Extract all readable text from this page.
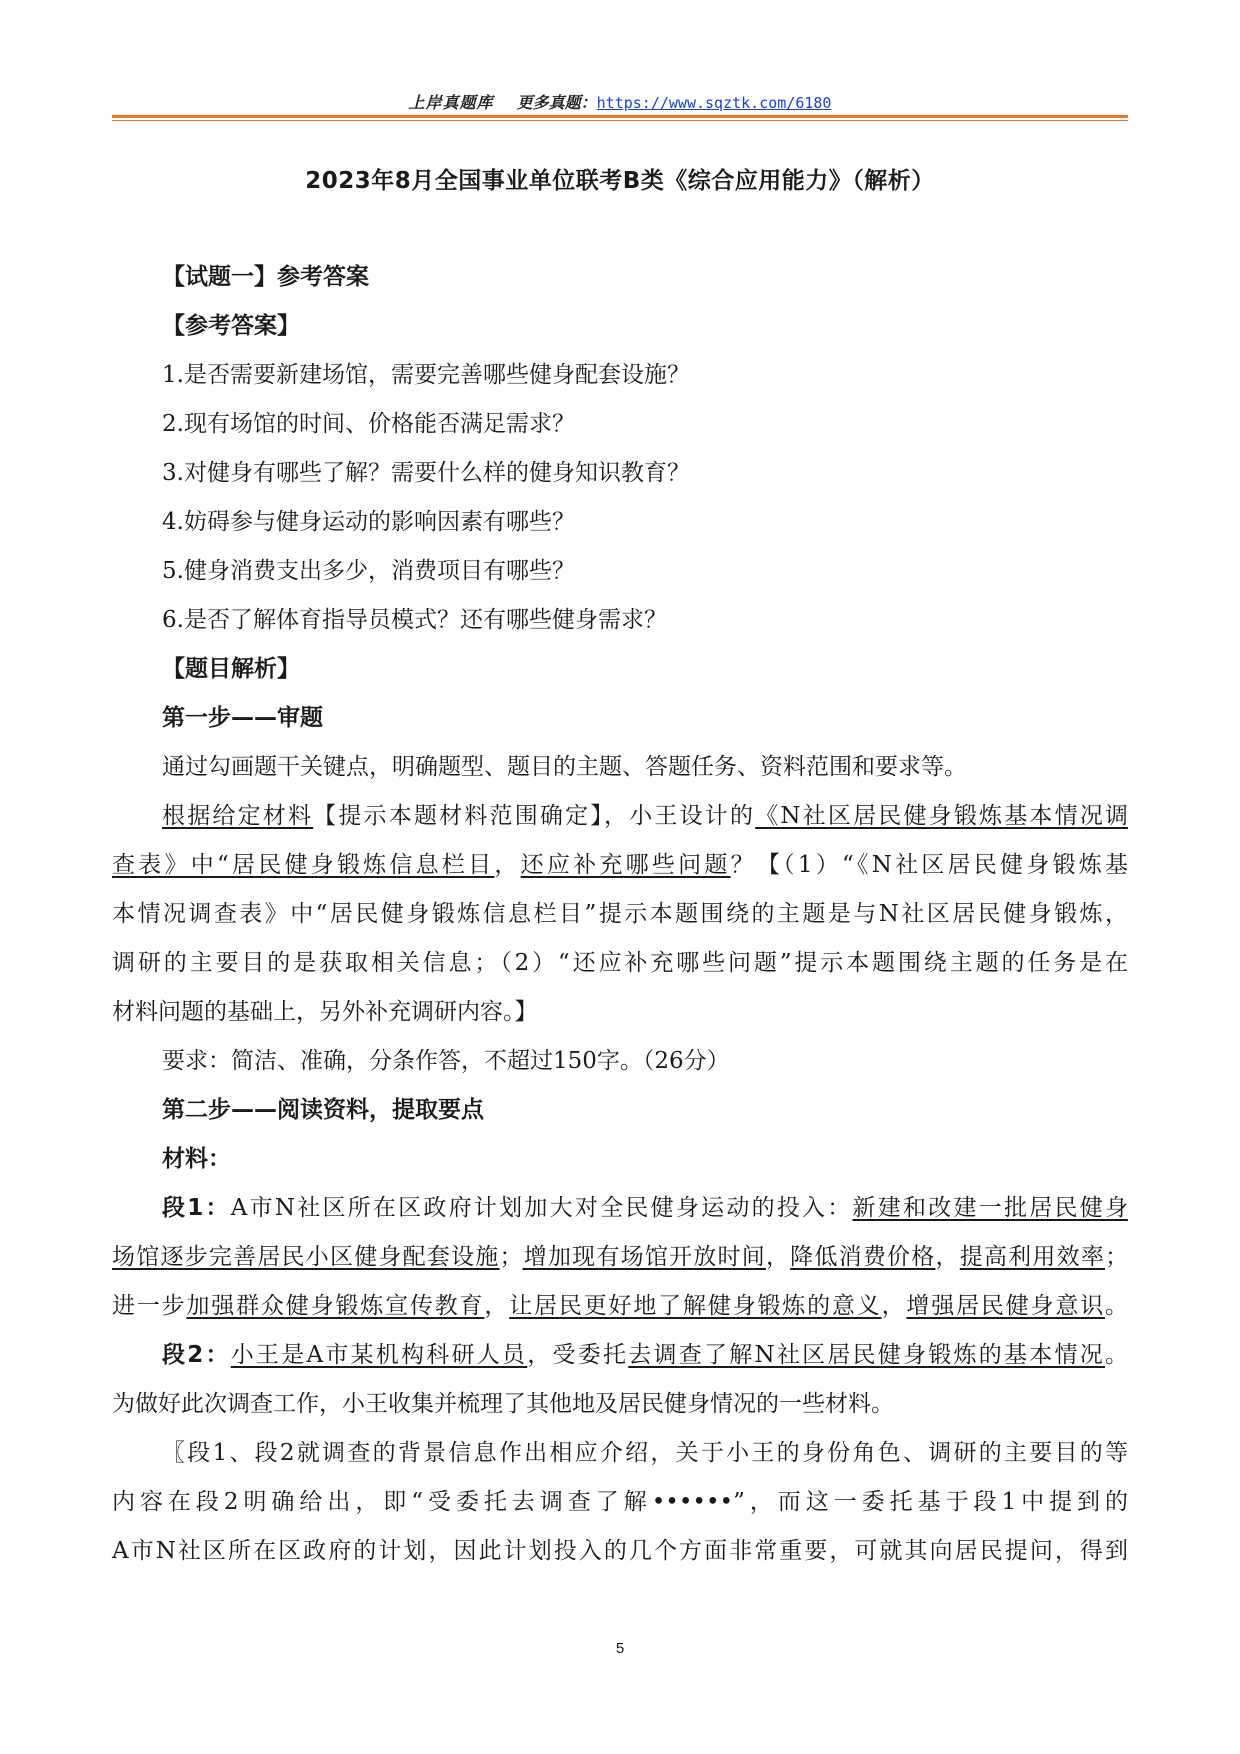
上岸真题库 更多真题：https://www.sqztk.com/6180
2023年8月全国事业单位联考B类《综合应用能力》（解析）
【试题一】参考答案
【参考答案】
1.是否需要新建场馆，需要完善哪些健身配套设施？
2.现有场馆的时间、价格能否满足需求？
3.对健身有哪些了解？需要什么样的健身知识教育？
4.妨碍参与健身运动的影响因素有哪些？
5.健身消费支出多少，消费项目有哪些？
6.是否了解体育指导员模式？还有哪些健身需求？
【题目解析】
第一步——审题
通过勾画题干关键点，明确题型、题目的主题、答题任务、资料范围和要求等。
根据给定材料【提示本题材料范围确定】，小王设计的《N社区居民健身锻炼基本情况调
查表》中“居民健身锻炼信息栏目，还应补充哪些问题？【（1）“《N社区居民健身锻炼基
本情况调查表》中“居民健身锻炼信息栏目”提示本题围绕的主题是与N社区居民健身锻炼，
调研的主要目的是获取相关信息；（2）“还应补充哪些问题”提示本题围绕主题的任务是在
材料问题的基础上，另外补充调研内容。】
要求：简洁、准确，分条作答，不超过150字。（26分）
第二步——阅读资料，提取要点
材料：
段1：A市N社区所在区政府计划加大对全民健身运动的投入：新建和改建一批居民健身
场馆逐步完善居民小区健身配套设施；增加现有场馆开放时间，降低消费价格，提高利用效率；
进一步加强群众健身锻炼宣传教育，让居民更好地了解健身锻炼的意义，增强居民健身意识。
段2：小王是A市某机构科研人员，受委托去调查了解N社区居民健身锻炼的基本情况。
为做好此次调查工作，小王收集并梳理了其他地及居民健身情况的一些材料。
〖段1、段2就调查的背景信息作出相应介绍，关于小王的身份角色、调研的主要目的等
内容在段2明确给出，即“受委托去调查了解••••••”，而这一委托基于段1中提到的
A市N社区所在区政府的计划，因此计划投入的几个方面非常重要，可就其向居民提问，得到
5
